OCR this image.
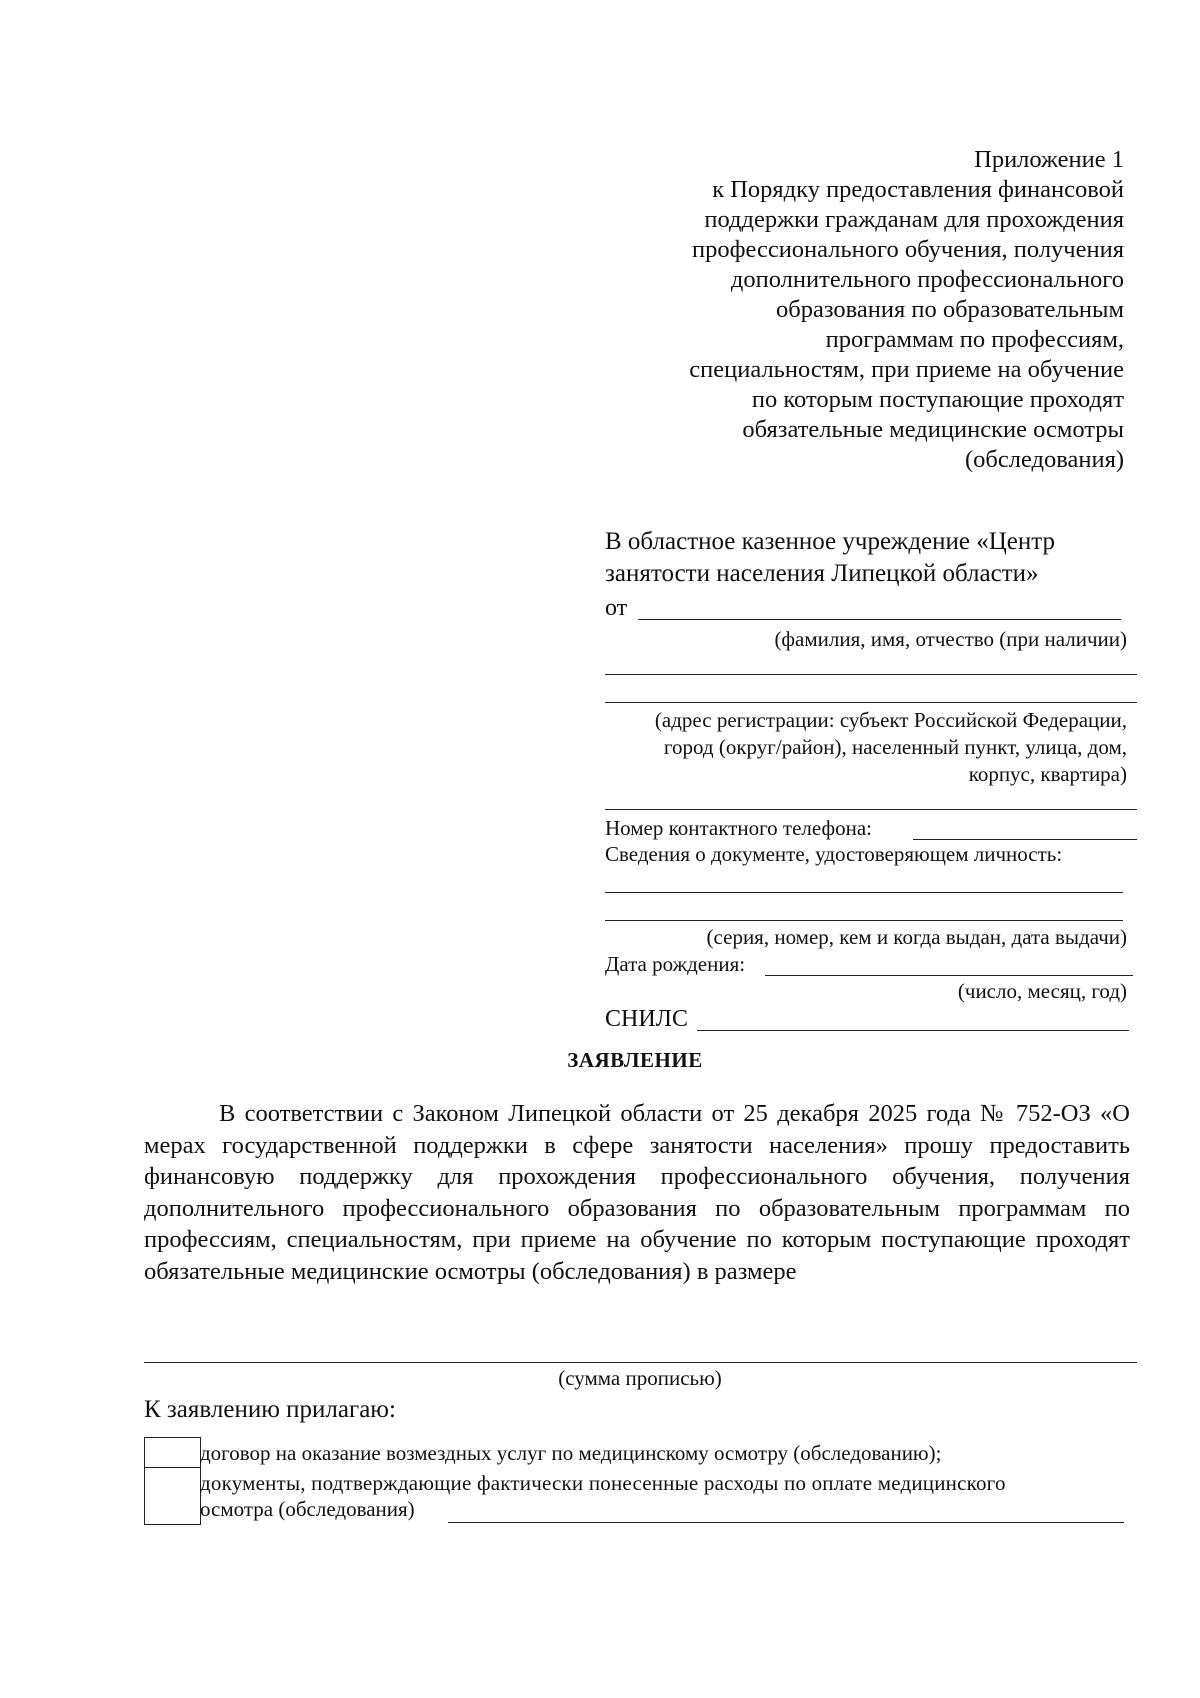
Приложение 1
к Порядку предоставления финансовой
поддержки гражданам для прохождения
профессионального обучения, получения
дополнительного профессионального
образования по образовательным
программам по профессиям,
специальностям, при приеме на обучение
по которым поступающие проходят
обязательные медицинские осмотры
(обследования)
В областное казенное учреждение «Центр
занятости населения Липецкой области»
от
(фамилия, имя, отчество (при наличии)
(адрес регистрации: субъект Российской Федерации,
город (округ/район), населенный пункт, улица, дом,
корпус, квартира)
Номер контактного телефона:
Сведения о документе, удостоверяющем личность:
(серия, номер, кем и когда выдан, дата выдачи)
Дата рождения:
(число, месяц, год)
СНИЛС
ЗАЯВЛЕНИЕ
В соответствии с Законом Липецкой области от 25 декабря 2025 года № 752-ОЗ «О мерах государственной поддержки в сфере занятости населения» прошу предоставить финансовую поддержку для прохождения профессионального обучения, получения дополнительного профессионального образования по образовательным программам по профессиям, специальностям, при приеме на обучение по которым поступающие проходят обязательные медицинские осмотры (обследования) в размере
(сумма прописью)
К заявлению прилагаю:
договор на оказание возмездных услуг по медицинскому осмотру (обследованию);
документы, подтверждающие фактически понесенные расходы по оплате медицинского
осмотра (обследования)
